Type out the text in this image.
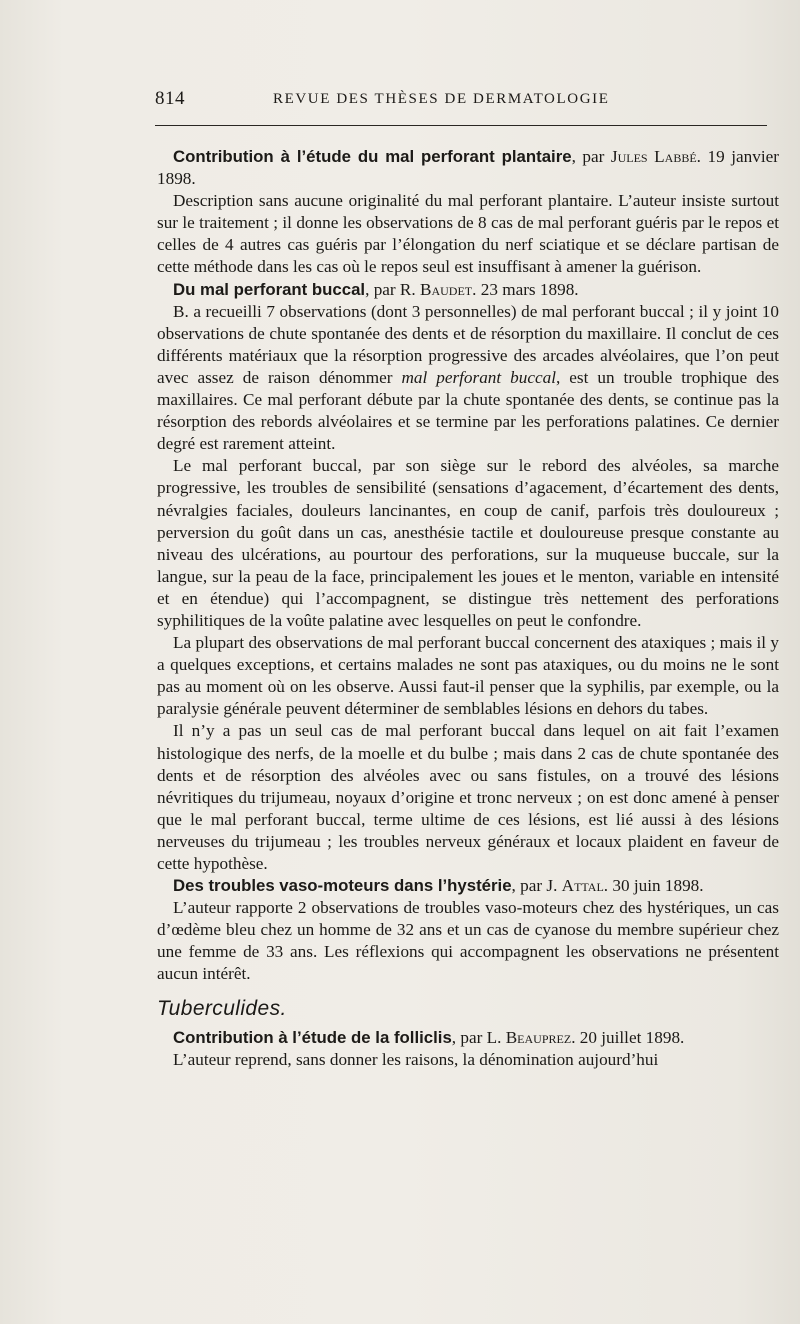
814	REVUE DES THÈSES DE DERMATOLOGIE

Contribution à l’étude du mal perforant plantaire, par Jules Labbé. 19 janvier 1898.

Description sans aucune originalité du mal perforant plantaire. L’auteur insiste surtout sur le traitement ; il donne les observations de 8 cas de mal perforant guéris par le repos et celles de 4 autres cas guéris par l’élongation du nerf sciatique et se déclare partisan de cette méthode dans les cas où le repos seul est insuffisant à amener la guérison.

Du mal perforant buccal, par R. Baudet. 23 mars 1898.

B. a recueilli 7 observations (dont 3 personnelles) de mal perforant buccal ; il y joint 10 observations de chute spontanée des dents et de résorption du maxillaire. Il conclut de ces différents matériaux que la résorption progressive des arcades alvéolaires, que l’on peut avec assez de raison dénommer mal perforant buccal, est un trouble trophique des maxillaires. Ce mal perforant débute par la chute spontanée des dents, se continue pas la résorption des rebords alvéolaires et se termine par les perforations palatines. Ce dernier degré est rarement atteint.

Le mal perforant buccal, par son siège sur le rebord des alvéoles, sa marche progressive, les troubles de sensibilité (sensations d’agacement, d’écartement des dents, névralgies faciales, douleurs lancinantes, en coup de canif, parfois très douloureux ; perversion du goût dans un cas, anesthésie tactile et douloureuse presque constante au niveau des ulcérations, au pourtour des perforations, sur la muqueuse buccale, sur la langue, sur la peau de la face, principalement les joues et le menton, variable en intensité et en étendue) qui l’accompagnent, se distingue très nettement des perforations syphilitiques de la voûte palatine avec lesquelles on peut le confondre.

La plupart des observations de mal perforant buccal concernent des ataxiques ; mais il y a quelques exceptions, et certains malades ne sont pas ataxiques, ou du moins ne le sont pas au moment où on les observe. Aussi faut-il penser que la syphilis, par exemple, ou la paralysie générale peuvent déterminer de semblables lésions en dehors du tabes.

Il n’y a pas un seul cas de mal perforant buccal dans lequel on ait fait l’examen histologique des nerfs, de la moelle et du bulbe ; mais dans 2 cas de chute spontanée des dents et de résorption des alvéoles avec ou sans fistules, on a trouvé des lésions névritiques du trijumeau, noyaux d’origine et tronc nerveux ; on est donc amené à penser que le mal perforant buccal, terme ultime de ces lésions, est lié aussi à des lésions nerveuses du trijumeau ; les troubles nerveux généraux et locaux plaident en faveur de cette hypothèse.

Des troubles vaso-moteurs dans l’hystérie, par J. Attal. 30 juin 1898.

L’auteur rapporte 2 observations de troubles vaso-moteurs chez des hystériques, un cas d’œdème bleu chez un homme de 32 ans et un cas de cyanose du membre supérieur chez une femme de 33 ans. Les réflexions qui accompagnent les observations ne présentent aucun intérêt.

Tuberculides.

Contribution à l’étude de la folliclis, par L. Beauprez. 20 juillet 1898.

L’auteur reprend, sans donner les raisons, la dénomination aujourd’hui
